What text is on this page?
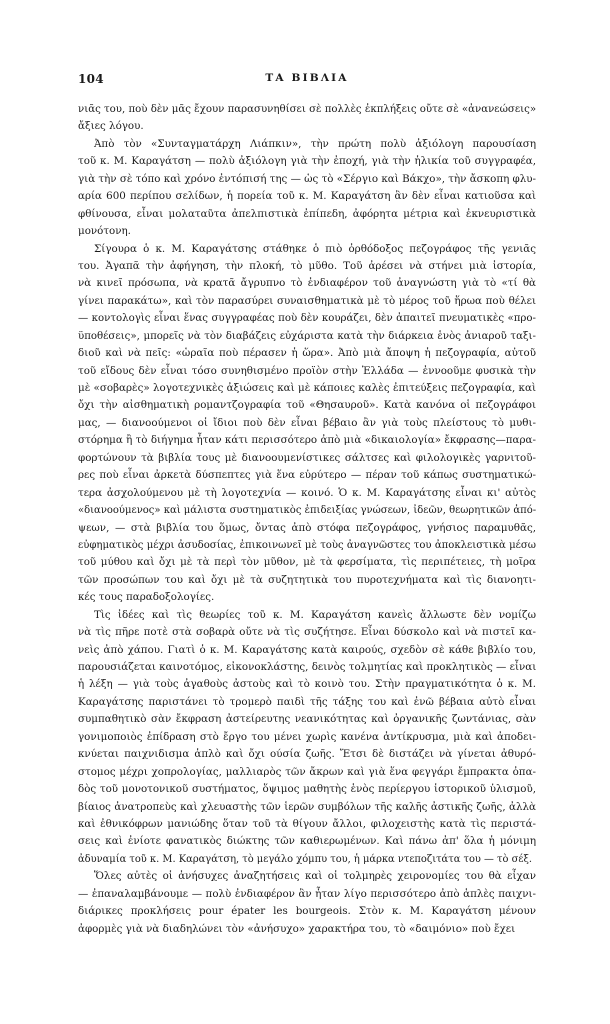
104	ΤΑ ΒΙΒΛΙΑ
νιᾶς του, ποὺ δὲν μᾶς ἔχουν παρασυνηθίσει σὲ πολλὲς ἐκπλήξεις οὔτε σὲ «ἀνανεώσεις»
ἄξιες λόγου.
Ἀπὸ τὸν «Συνταγματάρχη Λιάπκιν», τὴν πρώτη πολὺ ἀξιόλογη παρουσίαση
τοῦ κ. Μ. Καραγάτση — πολὺ ἀξιόλογη γιὰ τὴν ἐποχή, γιὰ τὴν ἡλικία τοῦ συγγραφέα,
γιὰ τὴν σὲ τόπο καὶ χρόνο ἐντόπισή της — ὡς τὸ «Σέργιο καὶ Βάκχο», τὴν ἄσκοπη φλυ-
αρία 600 περίπου σελίδων, ἡ πορεία τοῦ κ. Μ. Καραγάτση ἂν δὲν εἶναι κατιοῦσα καὶ
φθίνουσα, εἶναι μολαταῦτα ἀπελπιστικὰ ἐπίπεδη, ἀφόρητα μέτρια καὶ ἐκνευριστικὰ
μονότονη.
Σίγουρα ὁ κ. Μ. Καραγάτσης στάθηκε ὁ πιὸ ὀρθόδοξος πεζογράφος τῆς γενιᾶς
του. Ἀγαπᾶ τὴν ἀφήγηση, τὴν πλοκή, τὸ μῦθο. Τοῦ ἀρέσει νὰ στήνει μιὰ ἱστορία,
νὰ κινεῖ πρόσωπα, νὰ κρατᾶ ἄγρυπνο τὸ ἐνδιαφέρον τοῦ ἀναγνώστη γιὰ τὸ «τί θὰ
γίνει παρακάτω», καὶ τὸν παρασύρει συναισθηματικὰ μὲ τὸ μέρος τοῦ ἥρωα ποὺ θέλει
— κοντολογὶς εἶναι ἕνας συγγραφέας ποὺ δὲν κουράζει, δὲν ἀπαιτεῖ πνευματικὲς «προ-
ϋποθέσεις», μπορεῖς νὰ τὸν διαβάζεις εὐχάριστα κατὰ τὴν διάρκεια ἑνὸς ἀνιαροῦ ταξι-
διοῦ καὶ νὰ πεῖς: «ὡραῖα ποὺ πέρασεν ἡ ὥρα». Ἀπὸ μιὰ ἄποψη ἡ πεζογραφία, αὐτοῦ
τοῦ εἴδους δὲν εἶναι τόσο συνηθισμένο προϊὸν στὴν Ἑλλάδα — ἐννοοῦμε φυσικὰ τὴν
μὲ «σοβαρὲς» λογοτεχνικὲς ἀξιώσεις καὶ μὲ κάποιες καλὲς ἐπιτεύξεις πεζογραφία, καὶ
ὄχι τὴν αἰσθηματικὴ ρομαντζογραφία τοῦ «Θησαυροῦ». Κατὰ κανόνα οἱ πεζογράφοι
μας, — διανοούμενοι οἱ ἴδιοι ποὺ δὲν εἶναι βέβαιο ἂν γιὰ τοὺς πλείστους τὸ μυθι-
στόρημα ἢ τὸ διήγημα ἦταν κάτι περισσότερο ἀπὸ μιὰ «δικαιολογία» ἔκφρασης—παρα-
φορτώνουν τὰ βιβλία τους μὲ διανοουμενίστικες σάλτσες καὶ φιλολογικὲς γαρνιτοῦ-
ρες ποὺ εἶναι ἀρκετὰ δύσπεπτες γιὰ ἕνα εὐρύτερο — πέραν τοῦ κάπως συστηματικώ-
τερα ἀσχολούμενου μὲ τὴ λογοτεχνία — κοινό. Ὁ κ. Μ. Καραγάτσης εἶναι κι' αὐτὸς
«διανοούμενος» καὶ μάλιστα συστηματικὸς ἐπιδειξίας γνώσεων, ἰδεῶν, θεωρητικῶν ἀπό-
ψεων, — στὰ βιβλία του ὅμως, ὄντας ἀπὸ στόφα πεζογράφος, γνήσιος παραμυθᾶς,
εὐφηματικὸς μέχρι ἀσυδοσίας, ἐπικοινωνεῖ μὲ τοὺς ἀναγνῶστες του ἀποκλειστικὰ μέσω
τοῦ μύθου καὶ ὄχι μὲ τὰ περὶ τὸν μῦθον, μὲ τὰ φερσίματα, τὶς περιπέτειες, τὴ μοῖρα
τῶν προσώπων του καὶ ὄχι μὲ τὰ συζητητικὰ του πυροτεχνήματα καὶ τὶς διανοητι-
κές τους παραδοξολογίες.
Τὶς ἰδέες καὶ τὶς θεωρίες τοῦ κ. Μ. Καραγάτση κανεὶς ἄλλωστε δὲν νομίζω
νὰ τὶς πῆρε ποτὲ στὰ σοβαρὰ οὔτε νὰ τὶς συζήτησε. Εἶναι δύσκολο καὶ νὰ πιστεῖ κα-
νεὶς ἀπὸ χάπου. Γιατὶ ὁ κ. Μ. Καραγάτσης κατὰ καιρούς, σχεδὸν σὲ κάθε βιβλίο του,
παρουσιάζεται καινοτόμος, εἰκονοκλάστης, δεινὸς τολμητίας καὶ προκλητικὸς — εἶναι
ἡ λέξη — γιὰ τοὺς ἀγαθοὺς ἀστοὺς καὶ τὸ κοινὸ του. Στὴν πραγματικότητα ὁ κ. Μ.
Καραγάτσης παριστάνει τὸ τρομερὸ παιδὶ τῆς τάξης του καὶ ἐνῶ βέβαια αὐτὸ εἶναι
συμπαθητικὸ σὰν ἔκφραση ἀστείρευτης νεανικότητας καὶ ὀργανικῆς ζωντάνιας, σὰν
γονιμοποιὸς ἐπίδραση στὸ ἔργο του μένει χωρὶς κανένα ἀντίκρυσμα, μιὰ καὶ ἀποδει-
κνύεται παιχνιδισμα ἁπλὸ καὶ ὄχι ούσία ζωῆς. Ἔτσι δὲ διστάζει νὰ γίνεται ἀθυρό-
στομος μέχρι χοπρολογίας, μαλλιαρὸς τῶν ἄκρων καὶ γιὰ ἕνα φεγγάρι ἔμπρακτα ὀπα-
δὸς τοῦ μονοτονικοῦ συστήματος, ὅψιμος μαθητὴς ἑνὸς περίεργου ἱστορικοῦ ὑλισμοῦ,
βίαιος ἀνατροπεὺς καὶ χλευαστὴς τῶν ἱερῶν συμβόλων τῆς καλῆς ἀστικῆς ζωῆς, ἀλλὰ
καὶ ἐθνικόφρων μανιώδης ὅταν τοῦ τὰ θίγουν ἄλλοι, φιλοχειστὴς κατὰ τὶς περιστά-
σεις καὶ ἐνίοτε φανατικὸς διώκτης τῶν καθιερωμένων. Καὶ πάνω ἀπ' ὅλα ἡ μόνιμη
ἀδυναμία τοῦ κ. Μ. Καραγάτση, τὸ μεγάλο χόμπυ του, ἡ μάρκα ντεποζιτάτα του — τὸ σέξ.
Ὅλες αὐτὲς οἱ ἀνήσυχες ἀναζητήσεις καὶ οἱ τολμηρὲς χειρονομίες του θὰ εἶχαν
— ἐπαναλαμβάνουμε — πολὺ ἐνδιαφέρον ἂν ἦταν λίγο περισσότερο ἀπὸ ἁπλὲς παιχνι-
διάρικες προκλήσεις pour épater les bourgeois. Στὸν κ. Μ. Καραγάτση μένουν
ἀφορμὲς γιὰ νὰ διαδηλώνει τὸν «ἀνήσυχο» χαρακτήρα του, τὸ «δαιμόνιο» ποὺ ἔχει
